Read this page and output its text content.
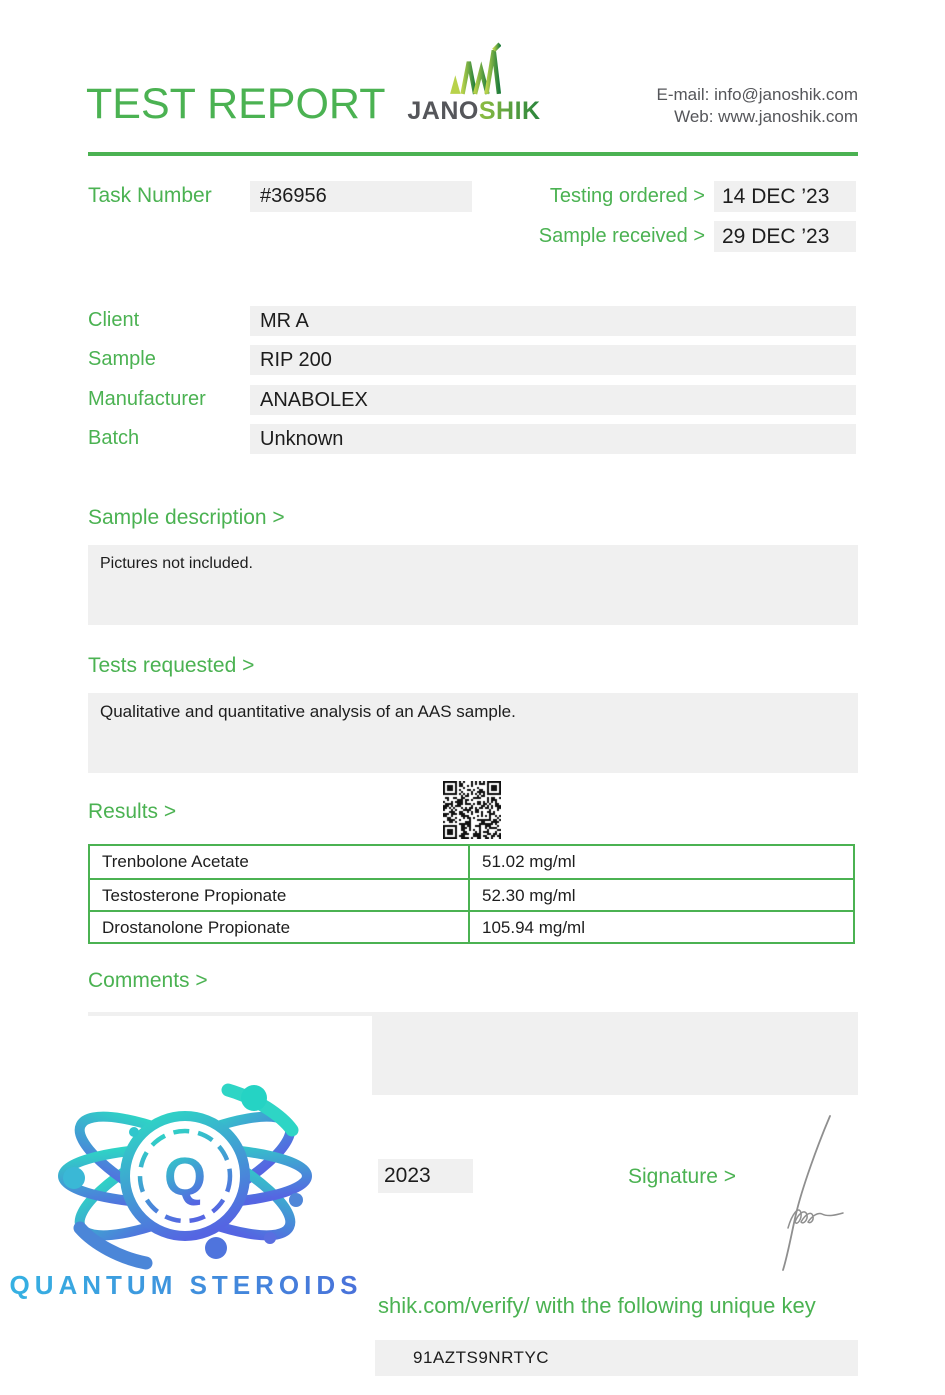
TEST REPORT JANOSHIK
E-mail: info@janoshik.com
Web: www.janoshik.com
Task Number	#36956	Testing ordered > 14 DEC ’23
Sample received > 29 DEC ’23
Client	MR A
Sample	RIP 200
Manufacturer	ANABOLEX
Batch	Unknown
Sample description >
Pictures not included.
Tests requested >
Qualitative and quantitative analysis of an AAS sample.
Results >
Trenbolone Acetate	51.02 mg/ml
Testosterone Propionate	52.30 mg/ml
Drostanolone Propionate	105.94 mg/ml
Comments >
Q
QUANTUM STEROIDS
2023	Signature >
shik.com/verify/ with the following unique key
91AZTS9NRTYC
